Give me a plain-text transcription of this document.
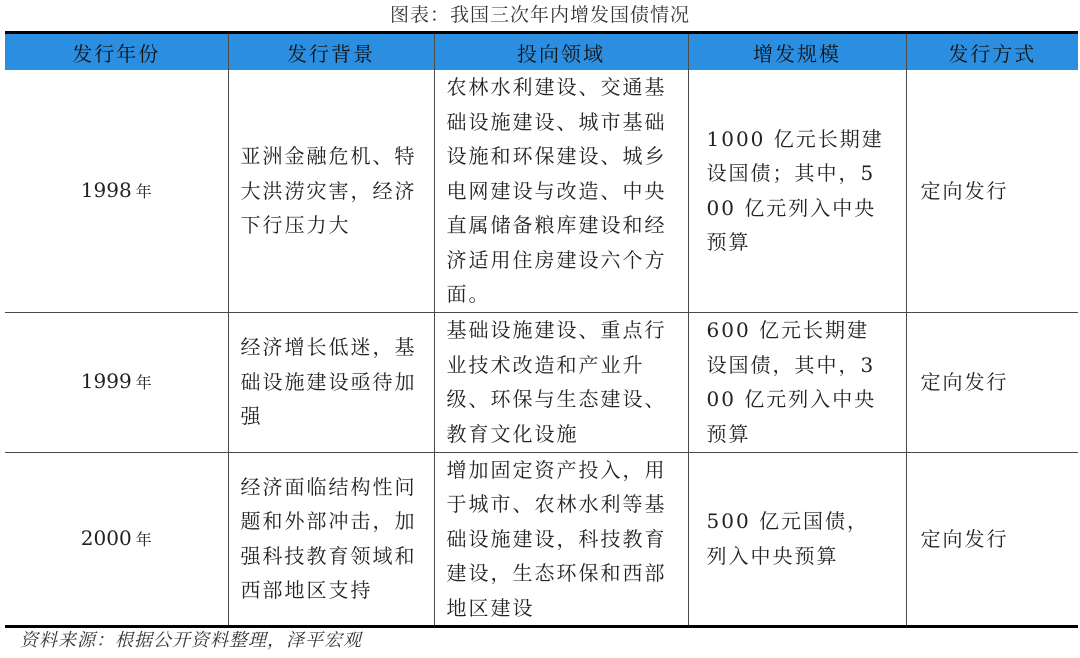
图表：我国三次年内增发国债情况
发行年份	发行背景	投向领域	增发规模	发行方式
1998 年	亚洲金融危机、特大洪涝灾害，经济下行压力大	农林水利建设、交通基础设施建设、城市基础设施和环保建设、城乡电网建设与改造、中央直属储备粮库建设和经济适用住房建设六个方面。	1000 亿元长期建设国债；其中，500 亿元列入中央预算	定向发行
1999 年	经济增长低迷，基础设施建设亟待加强	基础设施建设、重点行业技术改造和产业升级、环保与生态建设、教育文化设施	600 亿元长期建设国债，其中，300 亿元列入中央预算	定向发行
2000 年	经济面临结构性问题和外部冲击，加强科技教育领域和西部地区支持	增加固定资产投入，用于城市、农林水利等基础设施建设，科技教育建设，生态环保和西部地区建设	500 亿元国债，列入中央预算	定向发行
资料来源：根据公开资料整理，泽平宏观
